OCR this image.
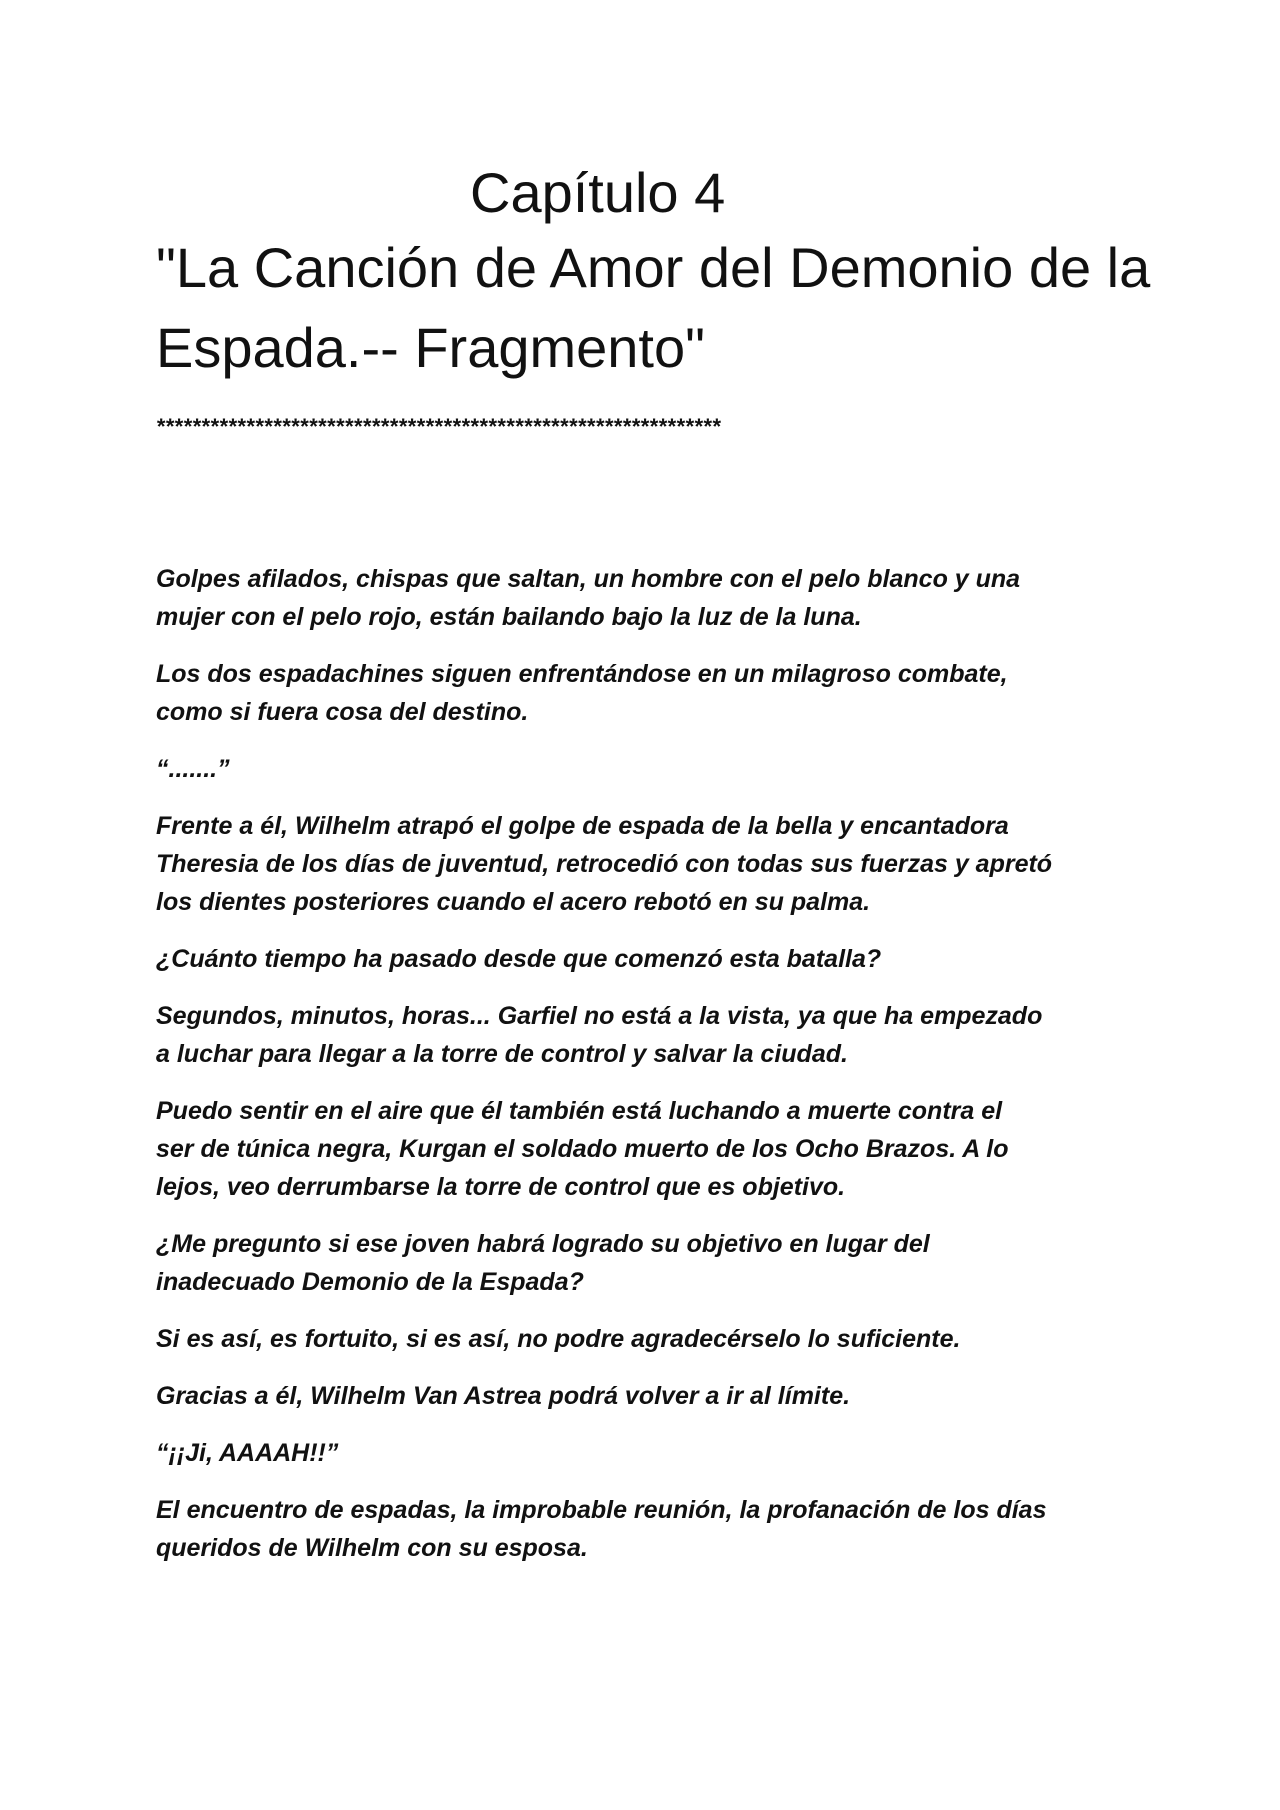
Capítulo 4
"La Canción de Amor del Demonio de la Espada.-- Fragmento"
***************************************************************

Golpes afilados, chispas que saltan, un hombre con el pelo blanco y una
mujer con el pelo rojo, están bailando bajo la luz de la luna.

Los dos espadachines siguen enfrentándose en un milagroso combate,
como si fuera cosa del destino.

“.......”

Frente a él, Wilhelm atrapó el golpe de espada de la bella y encantadora
Theresia de los días de juventud, retrocedió con todas sus fuerzas y apretó
los dientes posteriores cuando el acero rebotó en su palma.

¿Cuánto tiempo ha pasado desde que comenzó esta batalla?

Segundos, minutos, horas... Garfiel no está a la vista, ya que ha empezado
a luchar para llegar a la torre de control y salvar la ciudad.

Puedo sentir en el aire que él también está luchando a muerte contra el
ser de túnica negra, Kurgan el soldado muerto de los Ocho Brazos. A lo
lejos, veo derrumbarse la torre de control que es objetivo.

¿Me pregunto si ese joven habrá logrado su objetivo en lugar del
inadecuado Demonio de la Espada?

Si es así, es fortuito, si es así, no podre agradecérselo lo suficiente.

Gracias a él, Wilhelm Van Astrea podrá volver a ir al límite.

“¡¡Ji, AAAAH!!”

El encuentro de espadas, la improbable reunión, la profanación de los días
queridos de Wilhelm con su esposa.
